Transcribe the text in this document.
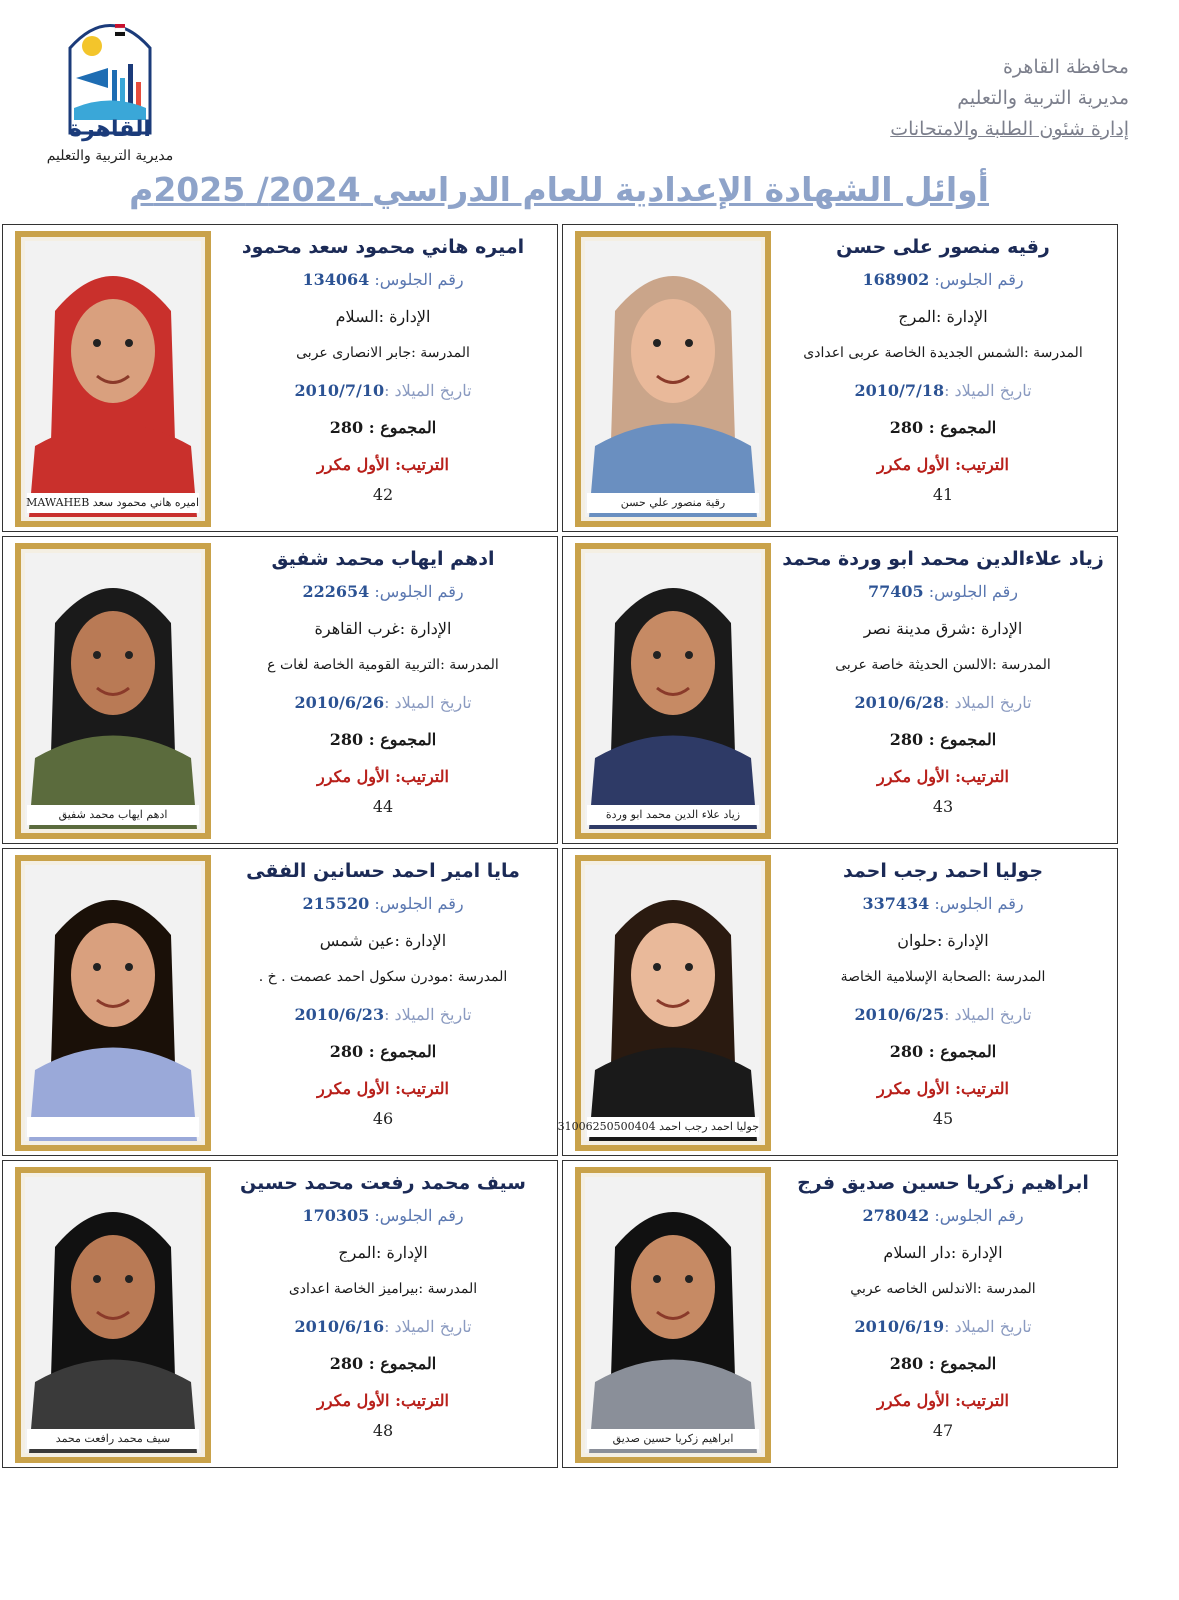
القاهرة
مديرية التربية والتعليم
محافظة القاهرة
مديرية التربية والتعليم
إدارة شئون الطلبة والامتحانات
أوائل الشهادة الإعدادية للعام الدراسي 2024/ 2025م
اميره هاني محمود سعد MAWAHEB
اميره هاني محمود سعد محمود
رقم الجلوس: 134064
الإدارة :السلام
المدرسة :جابر الانصارى عربى
تاريخ الميلاد :2010/7/10
المجموع : 280
الترتيب: الأول مكرر
42	رقية منصور علي حسن
رقيه منصور على حسن
رقم الجلوس: 168902
الإدارة :المرج
المدرسة :الشمس الجديدة الخاصة عربى اعدادى
تاريخ الميلاد :2010/7/18
المجموع : 280
الترتيب: الأول مكرر
41
ادهم ايهاب محمد شفيق
ادهم ايهاب محمد شفيق
رقم الجلوس: 222654
الإدارة :غرب القاهرة
المدرسة :التربية القومية الخاصة لغات ع
تاريخ الميلاد :2010/6/26
المجموع : 280
الترتيب: الأول مكرر
44	زياد علاء الدين محمد ابو وردة
زياد علاءالدين محمد ابو وردة محمد
رقم الجلوس: 77405
الإدارة :شرق مدينة نصر
المدرسة :الالسن الحديثة خاصة عربى
تاريخ الميلاد :2010/6/28
المجموع : 280
الترتيب: الأول مكرر
43
مايا امير احمد حسانين الفقى
رقم الجلوس: 215520
الإدارة :عين شمس
المدرسة :مودرن سكول احمد عصمت . خ .
تاريخ الميلاد :2010/6/23
المجموع : 280
الترتيب: الأول مكرر
46	جوليا احمد رجب احمد 31006250500404
جوليا احمد رجب احمد
رقم الجلوس: 337434
الإدارة :حلوان
المدرسة :الصحابة الإسلامية الخاصة
تاريخ الميلاد :2010/6/25
المجموع : 280
الترتيب: الأول مكرر
45
سيف محمد رافعت محمد
سيف محمد رفعت محمد حسين
رقم الجلوس: 170305
الإدارة :المرج
المدرسة :بيراميز الخاصة اعدادى
تاريخ الميلاد :2010/6/16
المجموع : 280
الترتيب: الأول مكرر
48	ابراهيم زكريا حسين صديق
ابراهيم زكريا حسين صديق فرج
رقم الجلوس: 278042
الإدارة :دار السلام
المدرسة :الاندلس الخاصه عربي
تاريخ الميلاد :2010/6/19
المجموع : 280
الترتيب: الأول مكرر
47
